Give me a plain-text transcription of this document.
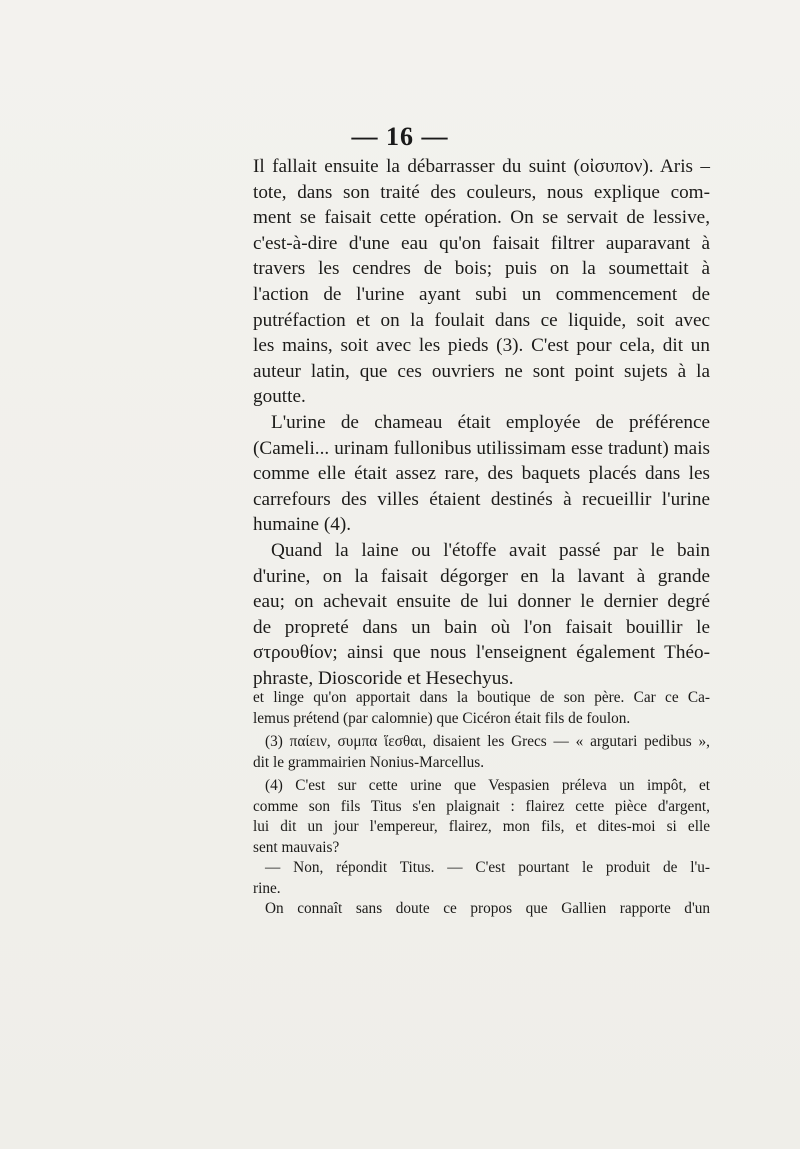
— 16 —
Il fallait ensuite la débarrasser du suint (οἰσυπον). Aris –
tote, dans son traité des couleurs, nous explique com-
ment se faisait cette opération. On se servait de lessive,
c'est-à-dire d'une eau qu'on faisait filtrer auparavant à
travers les cendres de bois; puis on la soumettait à
l'action de l'urine ayant subi un commencement de
putréfaction et on la foulait dans ce liquide, soit avec
les mains, soit avec les pieds (3). C'est pour cela, dit un
auteur latin, que ces ouvriers ne sont point sujets à la
goutte.
L'urine de chameau était employée de préférence
(Cameli... urinam fullonibus utilissimam esse tradunt) mais
comme elle était assez rare, des baquets placés dans les
carrefours des villes étaient destinés à recueillir l'urine
humaine (4).
Quand la laine ou l'étoffe avait passé par le bain
d'urine, on la faisait dégorger en la lavant à grande
eau; on achevait ensuite de lui donner le dernier degré
de propreté dans un bain où l'on faisait bouillir le
στρουθίον; ainsi que nous l'enseignent également Théo-
phraste, Dioscoride et Hesechyus.
et linge qu'on apportait dans la boutique de son père. Car ce Ca-
lemus prétend (par calomnie) que Cicéron était fils de foulon.
(3) παίειν, συμπα ἵεσθαι, disaient les Grecs — « argutari pedibus »,
dit le grammairien Nonius-Marcellus.
(4) C'est sur cette urine que Vespasien préleva un impôt, et
comme son fils Titus s'en plaignait : flairez cette pièce d'argent,
lui dit un jour l'empereur, flairez, mon fils, et dites-moi si elle
sent mauvais?
— Non, répondit Titus. — C'est pourtant le produit de l'u-
rine.
On connaît sans doute ce propos que Gallien rapporte d'un
